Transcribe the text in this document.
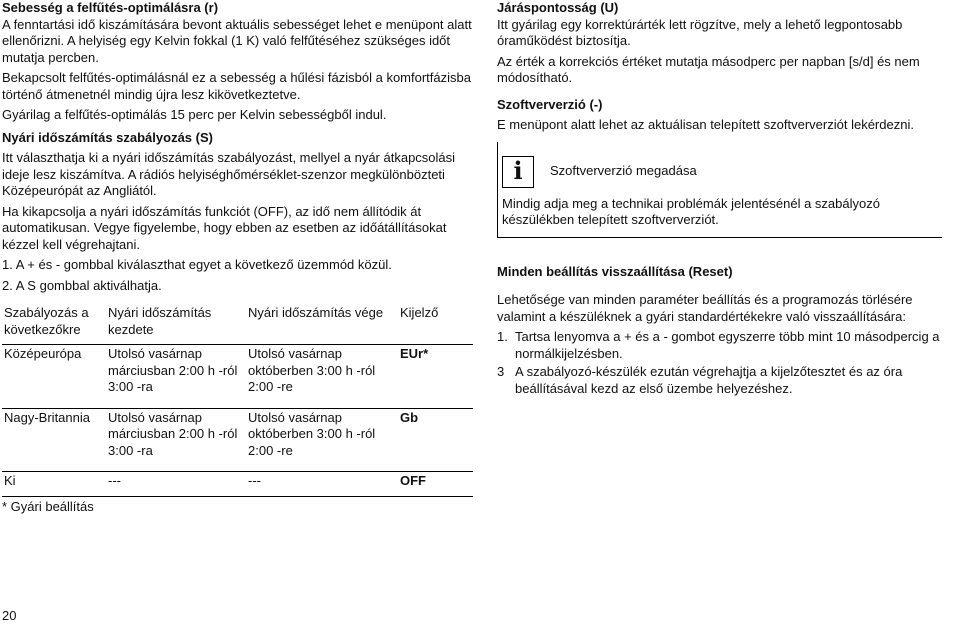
Sebesség a felfűtés-optimálásra (r)

A fenntartási idő kiszámítására bevont aktuális sebességet lehet e menüpont alatt ellenőrizni. A helyiség egy Kelvin fokkal (1 K) való felfűtéséhez szükséges időt mutatja percben.

Bekapcsolt felfűtés-optimálásnál ez a sebesség a hűlési fázisból a komfortfázisba történő átmenetnél mindig újra lesz kikövetkeztetve.

Gyárilag a felfűtés-optimálás 15 perc per Kelvin sebességből indul.

Nyári időszámítás szabályozás (S)

Itt választhatja ki a nyári időszámítás szabályozást, mellyel a nyár átkapcsolási ideje lesz kiszámítva. A rádiós helyiséghőmérséklet-szenzor megkülönbözteti Középeurópát az Angliától.

Ha kikapcsolja a nyári időszámítás funkciót (OFF), az idő nem állítódik át automatikusan. Vegye figyelembe, hogy ebben az esetben az időátállításokat kézzel kell végrehajtani.

1. A + és - gombbal kiválaszthat egyet a következő üzemmód közül.

2. A S gombbal aktiválhatja.

Szabályozás a következőkre	Nyári időszámítás kezdete	Nyári időszámítás vége	Kijelző
Középeurópa	Utolsó vasárnap márciusban 2:00 h -ról 3:00 -ra	Utolsó vasárnap októberben 3:00 h -ról 2:00 -re	EUr*
Nagy-Britannia	Utolsó vasárnap márciusban 2:00 h -ról 3:00 -ra	Utolsó vasárnap októberben 3:00 h -ról 2:00 -re	Gb
Ki	---	---	OFF

* Gyári beállítás

20
Járáspontosság (U)

Itt gyárilag egy korrektúrárték lett rögzítve, mely a lehető legpontosabb óraműködést biztosítja.

Az érték a korrekciós értéket mutatja másodperc per napban [s/d] és nem módosítható.

Szoftververzió (-)

E menüpont alatt lehet az aktuálisan telepített szoftververziót lekérdezni.

i	Szoftververzió megadása

Mindig adja meg a technikai problémák jelentésénél a szabályozó készülékben telepített szoftververziót.

Minden beállítás visszaállítása (Reset)

Lehetősége van minden paraméter beállítás és a programozás törlésére valamint a készüléknek a gyári standardértékekre való visszaállítására:

1. Tartsa lenyomva a + és a - gombot egyszerre több mint 10 másodpercig a normálkijelzésben.
3 A szabályozó-készülék ezután végrehajtja a kijelzőtesztet és az óra beállításával kezd az első üzembe helyezéshez.
